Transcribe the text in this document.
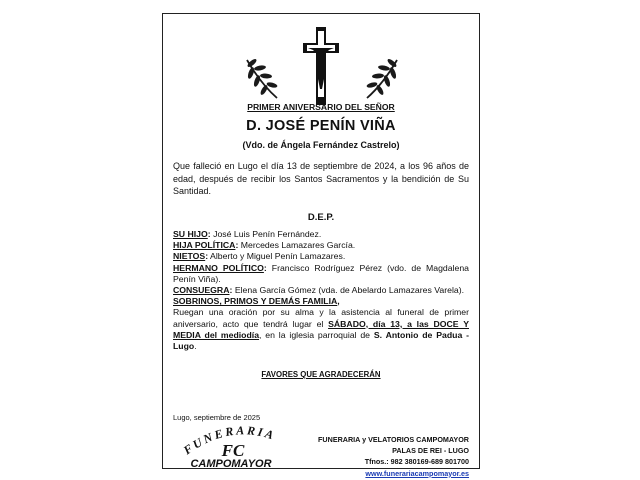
PRIMER ANIVERSARIO DEL SEÑOR
D. JOSÉ PENÍN VIÑA
(Vdo. de Ángela Fernández Castrelo)
Que falleció en Lugo el día 13 de septiembre de 2024, a los 96 años de edad, después de recibir los Santos Sacramentos y la bendición de Su Santidad.
D.E.P.

SU HIJO: José Luis Penín Fernández.

HIJA POLÍTICA: Mercedes Lamazares García.

NIETOS: Alberto y Miguel Penín Lamazares.

HERMANO POLÍTICO: Francisco Rodríguez Pérez (vdo. de Magdalena Penín Viña).

CONSUEGRA: Elena García Gómez (vda. de Abelardo Lamazares Varela).

SOBRINOS, PRIMOS Y DEMÁS FAMILIA,

Ruegan una oración por su alma y la asistencia al funeral de primer aniversario, acto que tendrá lugar el SÁBADO, día 13, a las DOCE Y MEDIA del mediodía, en la iglesia parroquial de S. Antonio de Padua - Lugo.

FAVORES QUE AGRADECERÁN
Lugo, septiembre de 2025
FUNERARIA
FC
CAMPOMAYOR
FUNERARIA y VELATORIOS CAMPOMAYOR
PALAS DE REI - LUGO
Tfnos.: 982 380169-689 801700
www.funerariacampomayor.es
